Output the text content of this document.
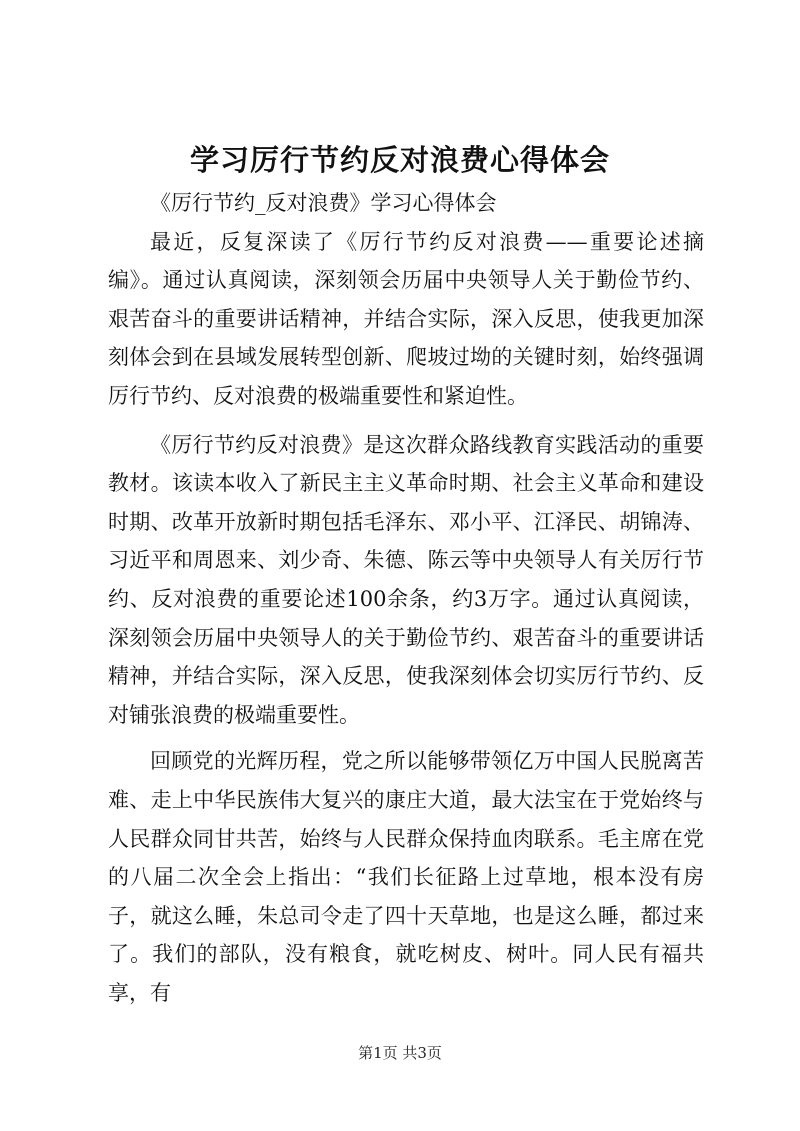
学习厉行节约反对浪费心得体会

《厉行节约_反对浪费》学习心得体会

最近，反复深读了《厉行节约反对浪费——重要论述摘编》。通过认真阅读，深刻领会历届中央领导人关于勤俭节约、艰苦奋斗的重要讲话精神，并结合实际，深入反思，使我更加深刻体会到在县域发展转型创新、爬坡过坳的关键时刻，始终强调厉行节约、反对浪费的极端重要性和紧迫性。

《厉行节约反对浪费》是这次群众路线教育实践活动的重要教材。该读本收入了新民主主义革命时期、社会主义革命和建设时期、改革开放新时期包括毛泽东、邓小平、江泽民、胡锦涛、习近平和周恩来、刘少奇、朱德、陈云等中央领导人有关厉行节约、反对浪费的重要论述100余条，约3万字。通过认真阅读，深刻领会历届中央领导人的关于勤俭节约、艰苦奋斗的重要讲话精神，并结合实际，深入反思，使我深刻体会切实厉行节约、反对铺张浪费的极端重要性。

回顾党的光辉历程，党之所以能够带领亿万中国人民脱离苦难、走上中华民族伟大复兴的康庄大道，最大法宝在于党始终与人民群众同甘共苦，始终与人民群众保持血肉联系。毛主席在党的八届二次全会上指出：“我们长征路上过草地，根本没有房子，就这么睡，朱总司令走了四十天草地，也是这么睡，都过来了。我们的部队，没有粮食，就吃树皮、树叶。同人民有福共享，有

第1页 共3页
